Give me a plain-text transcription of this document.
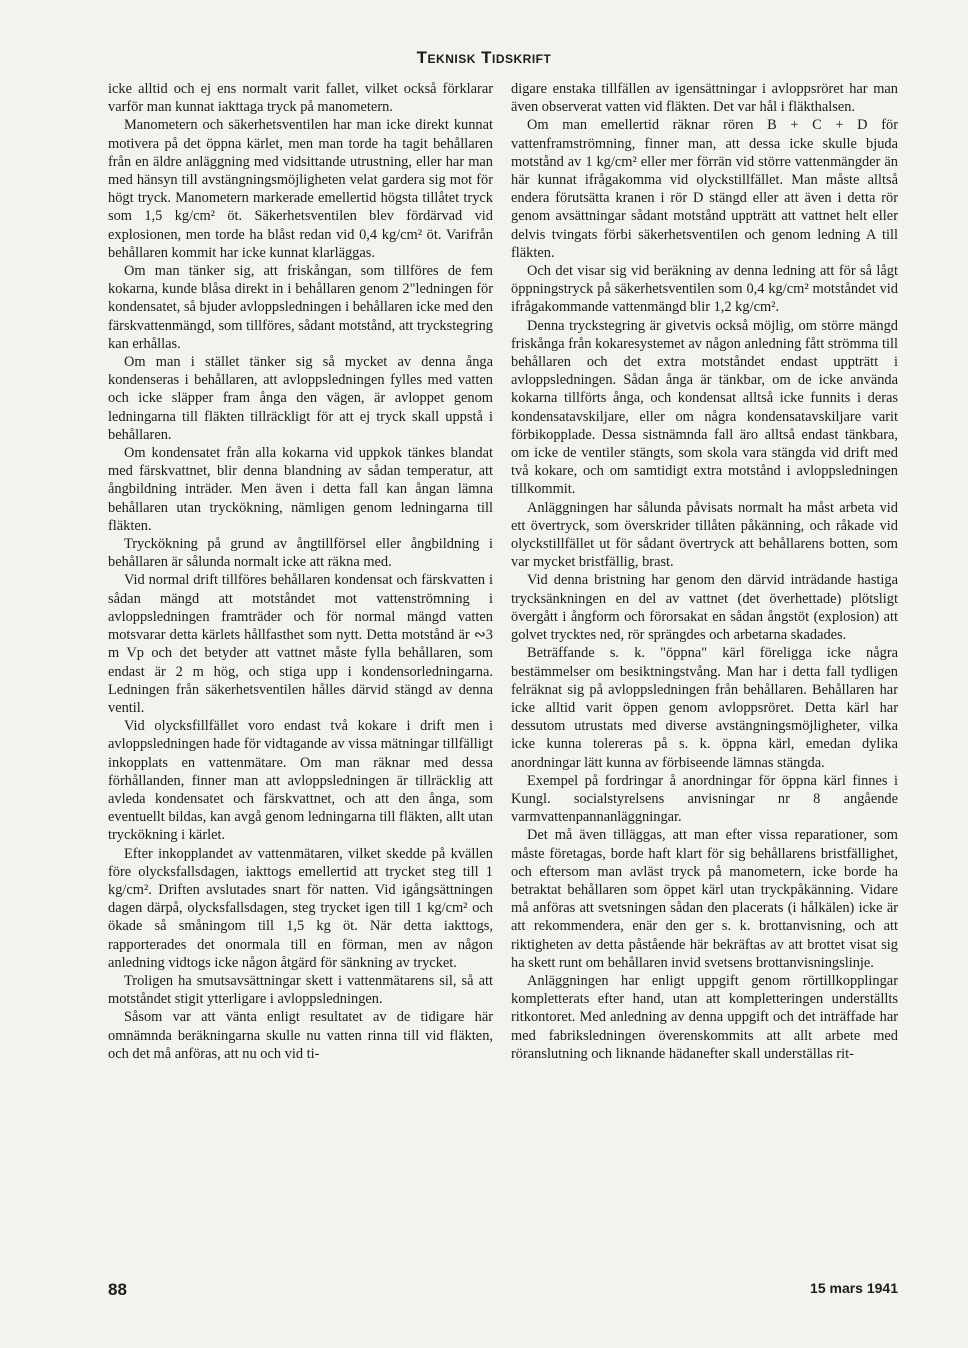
Teknisk Tidskrift

icke alltid och ej ens normalt varit fallet, vilket också förklarar varför man kunnat iakttaga tryck på manometern.

Manometern och säkerhetsventilen har man icke direkt kunnat motivera på det öppna kärlet, men man torde ha tagit behållaren från en äldre anläggning med vidsittande utrustning, eller har man med hänsyn till avstängningsmöjligheten velat gardera sig mot för högt tryck. Manometern markerade emellertid högsta tillåtet tryck som 1,5 kg/cm² öt. Säkerhetsventilen blev fördärvad vid explosionen, men torde ha blåst redan vid 0,4 kg/cm² öt. Varifrån behållaren kommit har icke kunnat klarläggas.

Om man tänker sig, att friskångan, som tillföres de fem kokarna, kunde blåsa direkt in i behållaren genom 2"ledningen för kondensatet, så bjuder avloppsledningen i behållaren icke med den färskvattenmängd, som tillföres, sådant motstånd, att tryckstegring kan erhållas.

Om man i stället tänker sig så mycket av denna ånga kondenseras i behållaren, att avloppsledningen fylles med vatten och icke släpper fram ånga den vägen, är avloppet genom ledningarna till fläkten tillräckligt för att ej tryck skall uppstå i behållaren.

Om kondensatet från alla kokarna vid uppkok tänkes blandat med färskvattnet, blir denna blandning av sådan temperatur, att ångbildning inträder. Men även i detta fall kan ångan lämna behållaren utan tryckökning, nämligen genom ledningarna till fläkten.

Tryckökning på grund av ångtillförsel eller ångbildning i behållaren är sålunda normalt icke att räkna med.

Vid normal drift tillföres behållaren kondensat och färskvatten i sådan mängd att motståndet mot vattenströmning i avloppsledningen framträder och för normal mängd vatten motsvarar detta kärlets hållfasthet som nytt. Detta motstånd är ∾3 m Vp och det betyder att vattnet måste fylla behållaren, som endast är 2 m hög, och stiga upp i kondensorledningarna. Ledningen från säkerhetsventilen hålles därvid stängd av denna ventil.

Vid olycksfillfället voro endast två kokare i drift men i avloppsledningen hade för vidtagande av vissa mätningar tillfälligt inkopplats en vattenmätare. Om man räknar med dessa förhållanden, finner man att avloppsledningen är tillräcklig att avleda kondensatet och färskvattnet, och att den ånga, som eventuellt bildas, kan avgå genom ledningarna till fläkten, allt utan tryckökning i kärlet.

Efter inkopplandet av vattenmätaren, vilket skedde på kvällen före olycksfallsdagen, iakttogs emellertid att trycket steg till 1 kg/cm². Driften avslutades snart för natten. Vid igångsättningen dagen därpå, olycksfallsdagen, steg trycket igen till 1 kg/cm² och ökade så småningom till 1,5 kg öt. När detta iakttogs, rapporterades det onormala till en förman, men av någon anledning vidtogs icke någon åtgärd för sänkning av trycket.

Troligen ha smutsavsättningar skett i vattenmätarens sil, så att motståndet stigit ytterligare i avloppsledningen.

Såsom var att vänta enligt resultatet av de tidigare här omnämnda beräkningarna skulle nu vatten rinna till vid fläkten, och det må anföras, att nu och vid ti-

digare enstaka tillfällen av igensättningar i avloppsröret har man även observerat vatten vid fläkten. Det var hål i fläkthalsen.

Om man emellertid räknar rören B + C + D för vattenframströmning, finner man, att dessa icke skulle bjuda motstånd av 1 kg/cm² eller mer förrän vid större vattenmängder än här kunnat ifrågakomma vid olyckstillfället. Man måste alltså endera förutsätta kranen i rör D stängd eller att även i detta rör genom avsättningar sådant motstånd uppträtt att vattnet helt eller delvis tvingats förbi säkerhetsventilen och genom ledning A till fläkten.

Och det visar sig vid beräkning av denna ledning att för så lågt öppningstryck på säkerhetsventilen som 0,4 kg/cm² motståndet vid ifrågakommande vattenmängd blir 1,2 kg/cm².

Denna tryckstegring är givetvis också möjlig, om större mängd friskånga från kokaresystemet av någon anledning fått strömma till behållaren och det extra motståndet endast uppträtt i avloppsledningen. Sådan ånga är tänkbar, om de icke använda kokarna tillförts ånga, och kondensat alltså icke funnits i deras kondensatavskiljare, eller om några kondensatavskiljare varit förbikopplade. Dessa sistnämnda fall äro alltså endast tänkbara, om icke de ventiler stängts, som skola vara stängda vid drift med två kokare, och om samtidigt extra motstånd i avloppsledningen tillkommit.

Anläggningen har sålunda påvisats normalt ha måst arbeta vid ett övertryck, som överskrider tillåten påkänning, och råkade vid olyckstillfället ut för sådant övertryck att behållarens botten, som var mycket bristfällig, brast.

Vid denna bristning har genom den därvid inträdande hastiga trycksänkningen en del av vattnet (det överhettade) plötsligt övergått i ångform och förorsakat en sådan ångstöt (explosion) att golvet trycktes ned, rör sprängdes och arbetarna skadades.

Beträffande s. k. "öppna" kärl föreligga icke några bestämmelser om besiktningstvång. Man har i detta fall tydligen felräknat sig på avloppsledningen från behållaren. Behållaren har icke alltid varit öppen genom avloppsröret. Detta kärl har dessutom utrustats med diverse avstängningsmöjligheter, vilka icke kunna tolereras på s. k. öppna kärl, emedan dylika anordningar lätt kunna av förbiseende lämnas stängda.

Exempel på fordringar å anordningar för öppna kärl finnes i Kungl. socialstyrelsens anvisningar nr 8 angående varmvattenpannanläggningar.

Det må även tilläggas, att man efter vissa reparationer, som måste företagas, borde haft klart för sig behållarens bristfällighet, och eftersom man avläst tryck på manometern, icke borde ha betraktat behållaren som öppet kärl utan tryckpåkänning. Vidare må anföras att svetsningen sådan den placerats (i hålkälen) icke är att rekommendera, enär den ger s. k. brottanvisning, och att riktigheten av detta påstående här bekräftas av att brottet visat sig ha skett runt om behållaren invid svetsens brottanvisningslinje.

Anläggningen har enligt uppgift genom rörtillkopplingar kompletterats efter hand, utan att kompletteringen underställts ritkontoret. Med anledning av denna uppgift och det inträffade har med fabriksledningen överenskommits att allt arbete med röranslutning och liknande hädanefter skall underställas rit-

88	15 mars 1941
